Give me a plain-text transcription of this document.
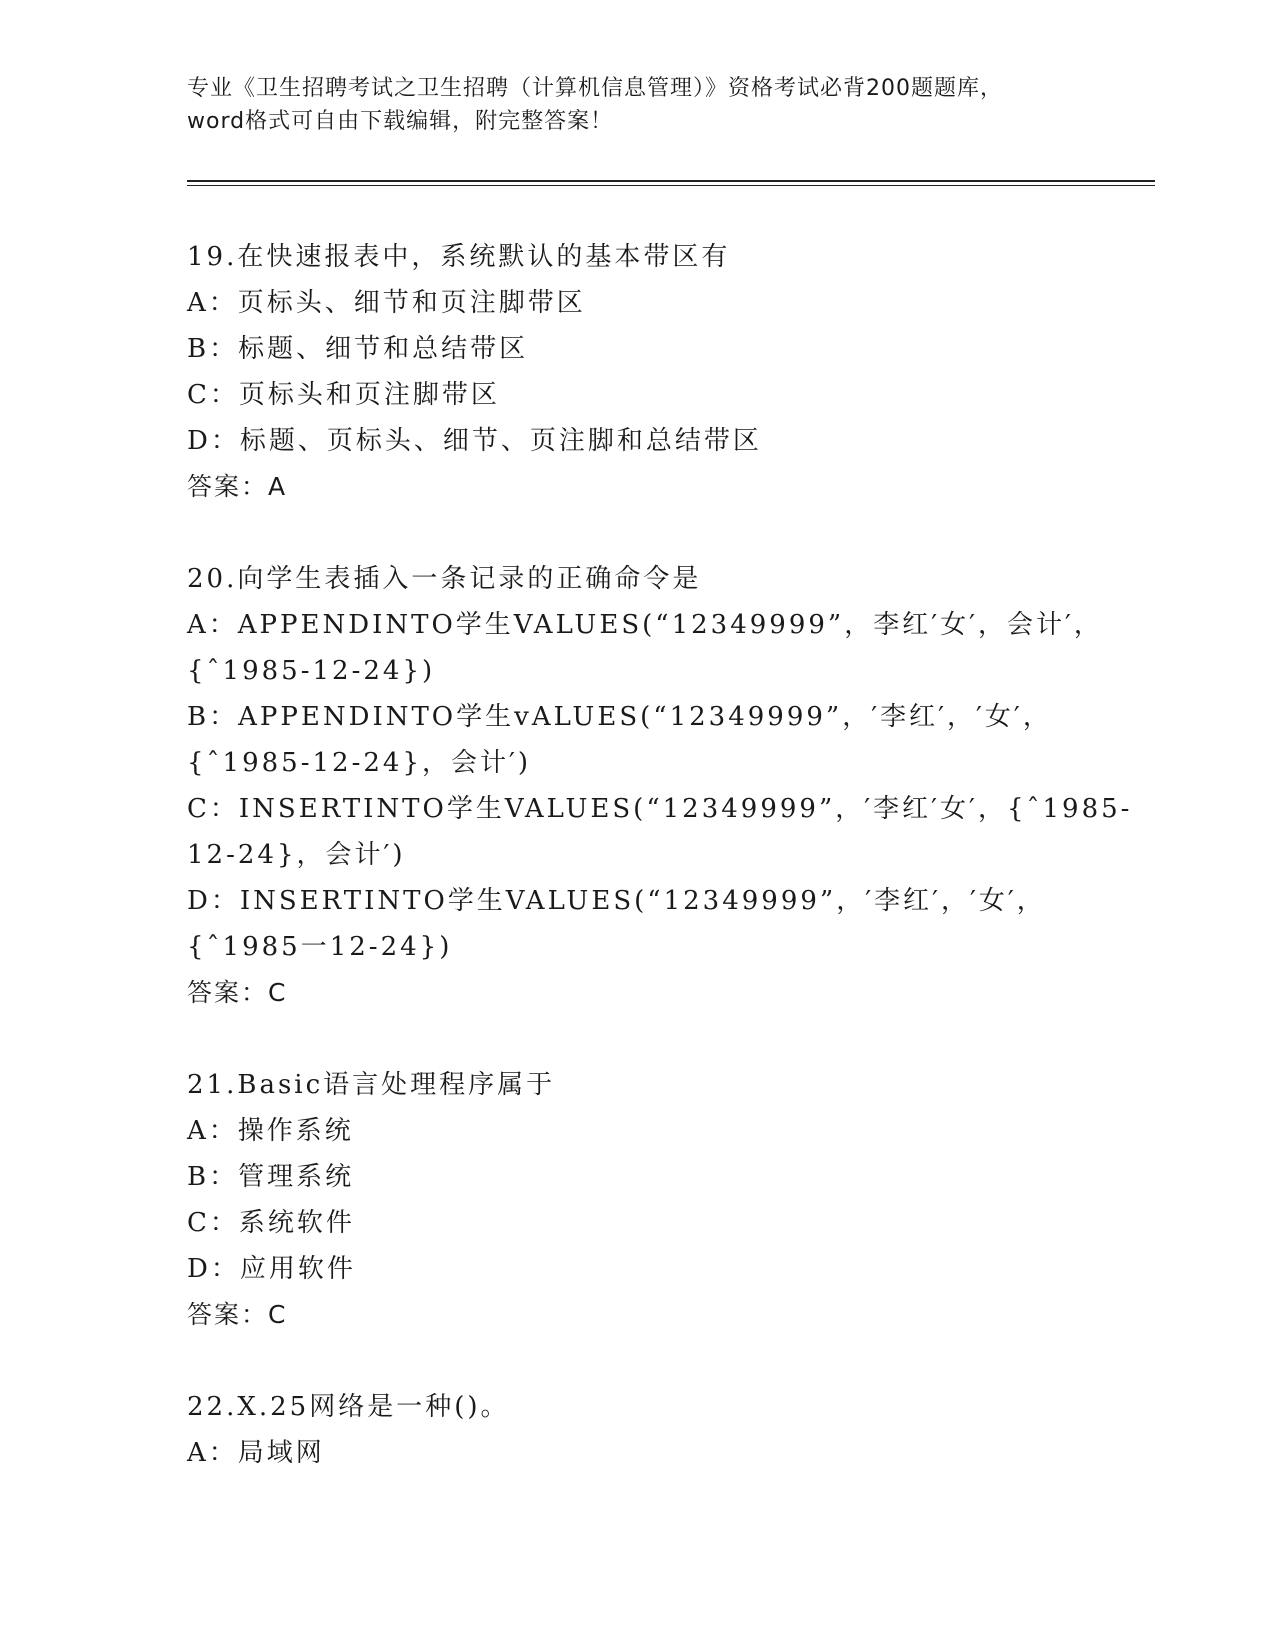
专业《卫生招聘考试之卫生招聘（计算机信息管理）》资格考试必背200题题库，
word格式可自由下载编辑，附完整答案！
19.在快速报表中，系统默认的基本带区有
A：页标头、细节和页注脚带区
B：标题、细节和总结带区
C：页标头和页注脚带区
D：标题、页标头、细节、页注脚和总结带区
答案：A
20.向学生表插入一条记录的正确命令是
A：APPENDINTO学生VALUES(“12349999”，李红′女′，会计′，
{ˆ1985-12-24})
B：APPENDINTO学生vALUES(“12349999”，′李红′，′女′，
{ˆ1985-12-24}，会计′)
C：INSERTINTO学生VALUES(“12349999”，′李红′女′，{ˆ1985-
12-24}，会计′)
D：INSERTINTO学生VALUES(“12349999”，′李红′，′女′，
{ˆ1985一12-24})
答案：C
21.Basic语言处理程序属于
A：操作系统
B：管理系统
C：系统软件
D：应用软件
答案：C
22.X.25网络是一种()。
A：局域网
